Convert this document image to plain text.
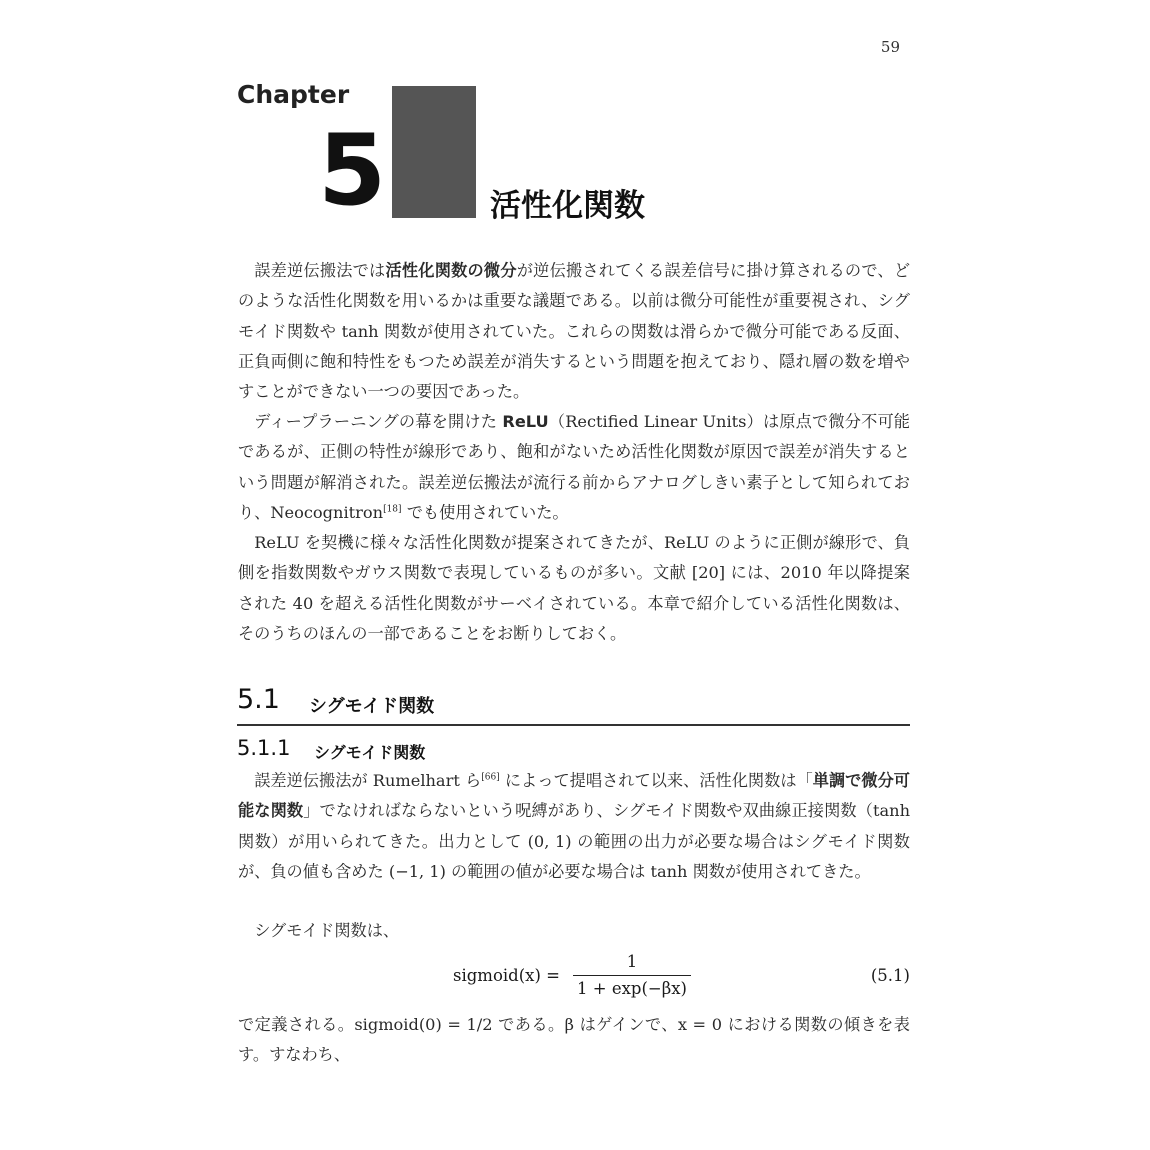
59
Chapter
5	活性化関数

誤差逆伝搬法では活性化関数の微分が逆伝搬されてくる誤差信号に掛け算されるので、どのような活性化関数を用いるかは重要な議題である。以前は微分可能性が重要視され、シグモイド関数や tanh 関数が使用されていた。これらの関数は滑らかで微分可能である反面、正負両側に飽和特性をもつため誤差が消失するという問題を抱えており、隠れ層の数を増やすことができない一つの要因であった。

ディープラーニングの幕を開けた ReLU（Rectified Linear Units）は原点で微分不可能であるが、正側の特性が線形であり、飽和がないため活性化関数が原因で誤差が消失するという問題が解消された。誤差逆伝搬法が流行る前からアナログしきい素子として知られており、Neocognitron[18] でも使用されていた。

ReLU を契機に様々な活性化関数が提案されてきたが、ReLU のように正側が線形で、負側を指数関数やガウス関数で表現しているものが多い。文献 [20] には、2010 年以降提案された 40 を超える活性化関数がサーベイされている。本章で紹介している活性化関数は、そのうちのほんの一部であることをお断りしておく。

5.1 シグモイド関数
5.1.1 シグモイド関数

誤差逆伝搬法が Rumelhart ら[66] によって提唱されて以来、活性化関数は「単調で微分可能な関数」でなければならないという呪縛があり、シグモイド関数や双曲線正接関数（tanh 関数）が用いられてきた。出力として (0, 1) の範囲の出力が必要な場合はシグモイド関数が、負の値も含めた (−1, 1) の範囲の値が必要な場合は tanh 関数が使用されてきた。

シグモイド関数は、

sigmoid(x) = $\frac{1}{1 + \exp(-\beta x)}$	(5.1)

で定義される。sigmoid(0) = 1/2 である。β はゲインで、x = 0 における関数の傾きを表す。すなわち、
